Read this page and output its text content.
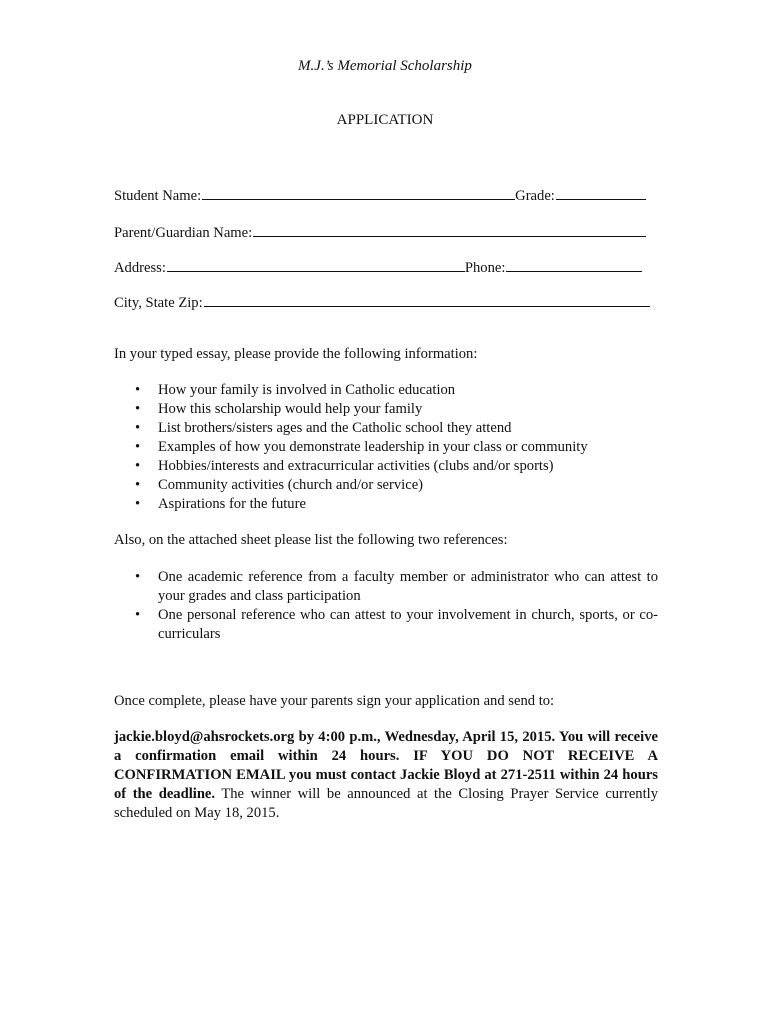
M.J.’s Memorial Scholarship
APPLICATION
Student Name:	Grade:
Parent/Guardian Name:
Address:	Phone:
City, State Zip:
In your typed essay, please provide the following information:
• How your family is involved in Catholic education
• How this scholarship would help your family
• List brothers/sisters ages and the Catholic school they attend
• Examples of how you demonstrate leadership in your class or community
• Hobbies/interests and extracurricular activities (clubs and/or sports)
• Community activities (church and/or service)
• Aspirations for the future
Also, on the attached sheet please list the following two references:
• One academic reference from a faculty member or administrator who can attest to your grades and class participation
• One personal reference who can attest to your involvement in church, sports, or co-curriculars
Once complete, please have your parents sign your application and send to:
jackie.bloyd@ahsrockets.org by 4:00 p.m., Wednesday, April 15, 2015. You will receive a confirmation email within 24 hours. IF YOU DO NOT RECEIVE A CONFIRMATION EMAIL you must contact Jackie Bloyd at 271-2511 within 24 hours of the deadline. The winner will be announced at the Closing Prayer Service currently scheduled on May 18, 2015.
